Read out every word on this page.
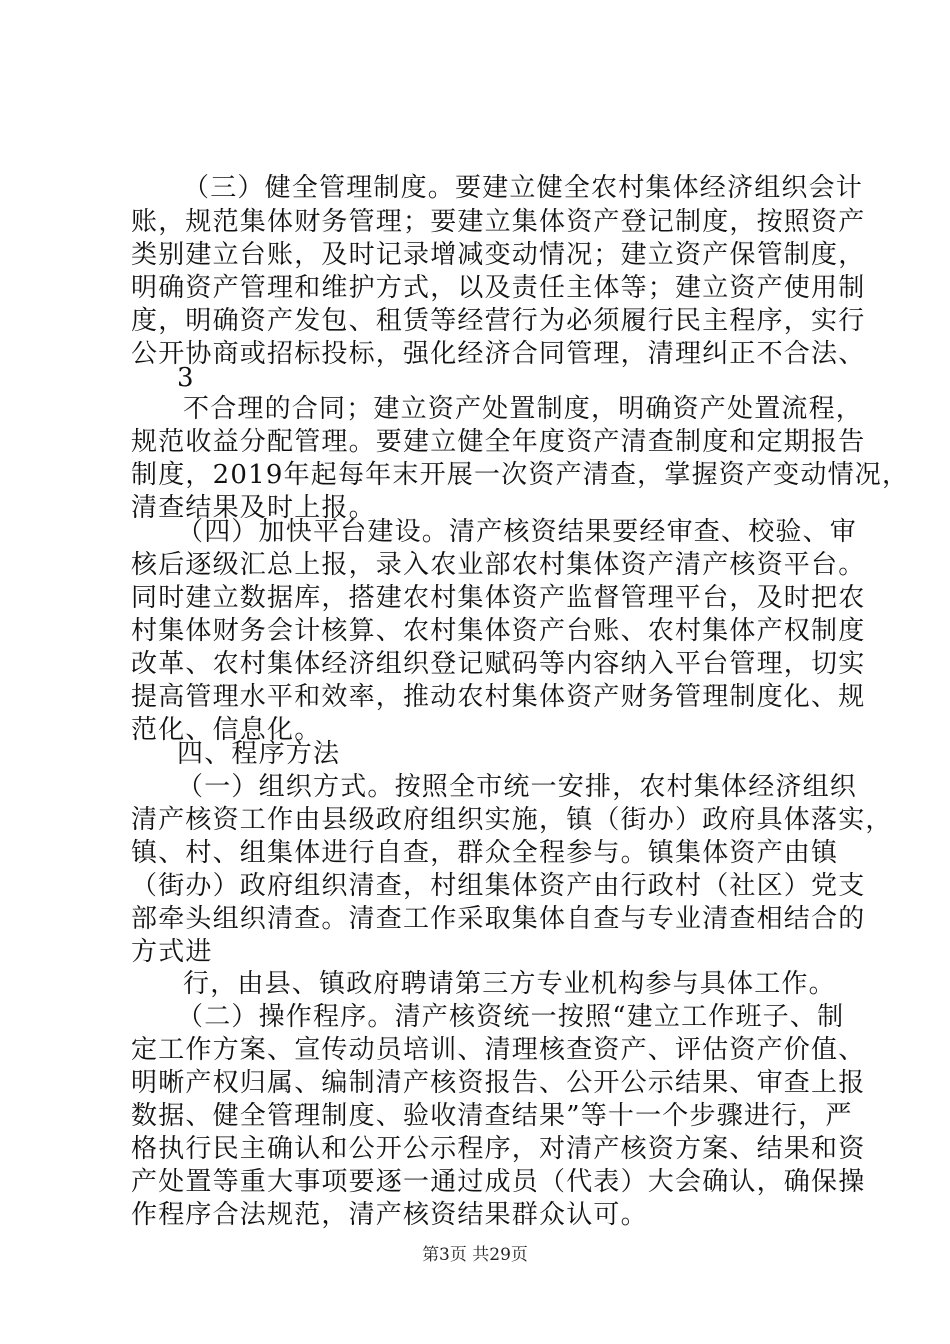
（三）健全管理制度。要建立健全农村集体经济组织会计
账，规范集体财务管理；要建立集体资产登记制度，按照资产
类别建立台账，及时记录增减变动情况；建立资产保管制度，
明确资产管理和维护方式，以及责任主体等；建立资产使用制
度，明确资产发包、租赁等经营行为必须履行民主程序，实行
公开协商或招标投标，强化经济合同管理，清理纠正不合法、
3
不合理的合同；建立资产处置制度，明确资产处置流程，
规范收益分配管理。要建立健全年度资产清查制度和定期报告
制度，2019年起每年末开展一次资产清查，掌握资产变动情况，
清查结果及时上报。
（四）加快平台建设。清产核资结果要经审查、校验、审
核后逐级汇总上报，录入农业部农村集体资产清产核资平台。
同时建立数据库，搭建农村集体资产监督管理平台，及时把农
村集体财务会计核算、农村集体资产台账、农村集体产权制度
改革、农村集体经济组织登记赋码等内容纳入平台管理，切实
提高管理水平和效率，推动农村集体资产财务管理制度化、规
范化、信息化。
四、程序方法
（一）组织方式。按照全市统一安排，农村集体经济组织
清产核资工作由县级政府组织实施，镇（街办）政府具体落实，
镇、村、组集体进行自查，群众全程参与。镇集体资产由镇
（街办）政府组织清查，村组集体资产由行政村（社区）党支
部牵头组织清查。清查工作采取集体自查与专业清查相结合的
方式进
行，由县、镇政府聘请第三方专业机构参与具体工作。
（二）操作程序。清产核资统一按照“建立工作班子、制
定工作方案、宣传动员培训、清理核查资产、评估资产价值、
明晰产权归属、编制清产核资报告、公开公示结果、审查上报
数据、健全管理制度、验收清查结果”等十一个步骤进行，严
格执行民主确认和公开公示程序，对清产核资方案、结果和资
产处置等重大事项要逐一通过成员（代表）大会确认，确保操
作程序合法规范，清产核资结果群众认可。
第3页 共29页
